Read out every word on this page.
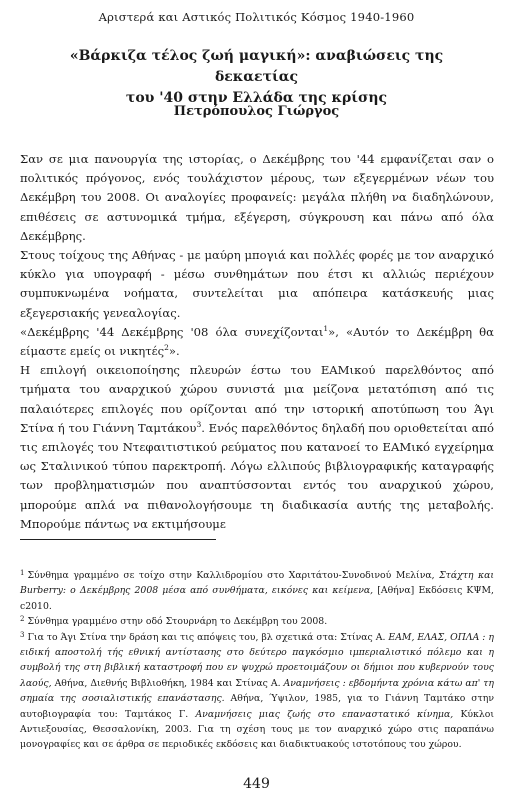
Αριστερά και Αστικός Πολιτικός Κόσμος 1940-1960
«Βάρκιζα τέλος ζωή μαγική»: αναβιώσεις της δεκαετίας
του '40 στην Ελλάδα της κρίσης
Πετρόπουλος Γιώργος

Σαν σε μια πανουργία της ιστορίας, ο Δεκέμβρης του '44 εμφανίζεται σαν ο πολιτικός πρόγονος, ενός τουλάχιστον μέρους, των εξεγερμένων νέων του Δεκέμβρη του 2008. Οι αναλογίες προφανείς: μεγάλα πλήθη να διαδηλώνουν, επιθέσεις σε αστυνομικά τμήμα, εξέγερση, σύγκρουση και πάνω από όλα Δεκέμβρης.

Στους τοίχους της Αθήνας - με μαύρη μπογιά και πολλές φορές με τον αναρχικό κύκλο για υπογραφή - μέσω συνθημάτων που έτσι κι αλλιώς περιέχουν συμπυκνωμένα νοήματα, συντελείται μια απόπειρα κατάσκευής μιας εξεγερσιακής γενεαλογίας.

«Δεκέμβρης '44 Δεκέμβρης '08 όλα συνεχίζονται$^1$», «Αυτόν το Δεκέμβρη θα είμαστε εμείς οι νικητές$^2$».

Η επιλογή οικειοποίησης πλευρών έστω του ΕΑΜικού παρελθόντος από τμήματα του αναρχικού χώρου συνιστά μια μείζονα μετατόπιση από τις παλαιότερες επιλογές που ορίζονται από την ιστορική αποτύπωση του Άγι Στίνα ή του Γιάννη Ταμτάκου$^3$. Ενός παρελθόντος δηλαδή που οριοθετείται από τις επιλογές του Ντεφαιτιστικού ρεύματος που κατανοεί το ΕΑΜικό εγχείρημα ως Σταλινικού τύπου παρεκτροπή. Λόγω ελλιπούς βιβλιογραφικής καταγραφής των προβληματισμών που αναπτύσσονται εντός του αναρχικού χώρου, μπορούμε απλά να πιθανολογήσουμε τη διαδικασία αυτής της μεταβολής. Μπορούμε πάντως να εκτιμήσουμε

$^1$ Σύνθημα γραμμένο σε τοίχο στην Καλλιδρομίου στο Χαριτάτου-Συνοδινού Μελίνα, Στάχτη και Burberry: ο Δεκέμβρης 2008 μέσα από συνθήματα, εικόνες και κείμενα, [Αθήνα] Εκδόσεις ΚΨΜ, c2010.

$^2$ Σύνθημα γραμμένο στην οδό Στουρνάρη το Δεκέμβρη του 2008.

$^3$ Για το Άγι Στίνα την δράση και τις απόψεις του, βλ σχετικά στα: Στίνας Α. ΕΑΜ, ΕΛΑΣ, ΟΠΛΑ : η ειδική αποστολή τής εθνική αντίστασης στο δεύτερο παγκόσμιο ιμπεριαλιστικό πόλεμο και η συμβολή της στη βιβλική καταστροφή που εν ψυχρώ προετοιμάζουν οι δήμιοι που κυβερνούν τους λαούς, Αθήνα, Διεθνής Βιβλιοθήκη, 1984 και Στίνας Α. Αναμνήσεις : εβδομήντα χρόνια κάτω απ' τη σημαία της σοσιαλιστικής επανάστασης. Αθήνα, Ύψιλον, 1985, για το Γιάννη Ταμτάκο στην αυτοβιογραφία του: Ταμτάκος Γ. Αναμνήσεις μιας ζωής στο επαναστατικό κίνημα, Κύκλοι Αντιεξουσίας, Θεσσαλονίκη, 2003. Για τη σχέση τους με τον αναρχικό χώρο στις παραπάνω μονογραφίες και σε άρθρα σε περιοδικές εκδόσεις και διαδικτυακούς ιστοτόπους του χώρου.

449
